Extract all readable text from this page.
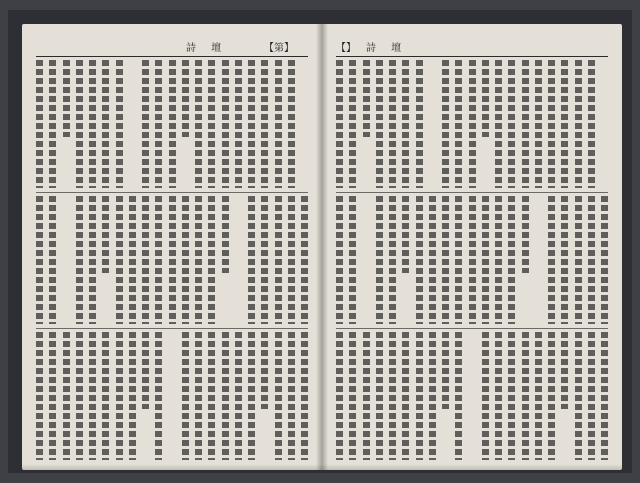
詩 壇	【第】	【】 詩 壇
